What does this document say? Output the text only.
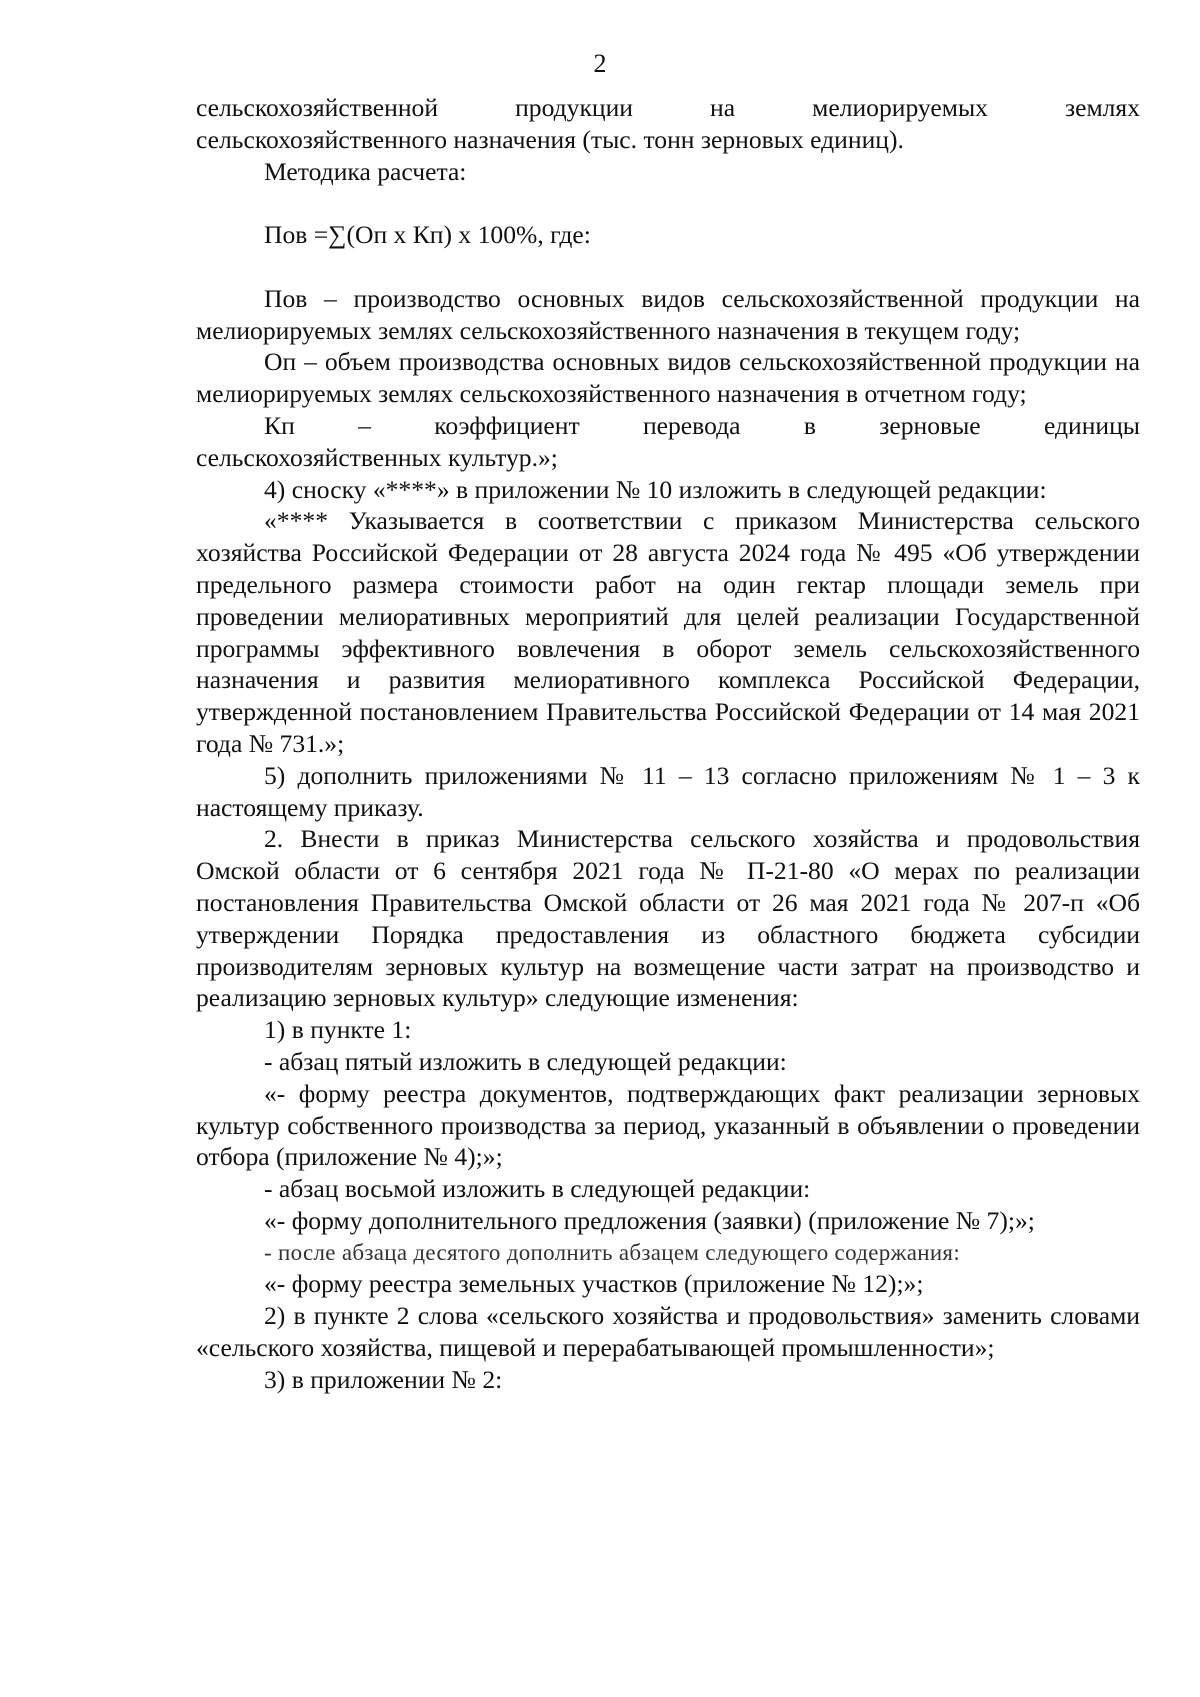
2

сельскохозяйственной продукции на мелиорируемых землях
сельскохозяйственного назначения (тыс. тонн зерновых единиц).

Методика расчета:

Пов =∑(Оп х Кп) х 100%, где:

Пов – производство основных видов сельскохозяйственной продукции на мелиорируемых землях сельскохозяйственного назначения в текущем году;

Оп – объем производства основных видов сельскохозяйственной продукции на мелиорируемых землях сельскохозяйственного назначения в отчетном году;

Кп – коэффициент перевода в зерновые единицы
сельскохозяйственных культур.»;

4) сноску «****» в приложении № 10 изложить в следующей редакции:

«**** Указывается в соответствии с приказом Министерства сельского хозяйства Российской Федерации от 28 августа 2024 года № 495 «Об утверждении предельного размера стоимости работ на один гектар площади земель при проведении мелиоративных мероприятий для целей реализации Государственной программы эффективного вовлечения в оборот земель сельскохозяйственного назначения и развития мелиоративного комплекса Российской Федерации, утвержденной постановлением Правительства Российской Федерации от 14 мая 2021 года № 731.»;

5) дополнить приложениями № 11 – 13 согласно приложениям № 1 – 3 к настоящему приказу.

2. Внести в приказ Министерства сельского хозяйства и продовольствия Омской области от 6 сентября 2021 года № П-21-80 «О мерах по реализации постановления Правительства Омской области от 26 мая 2021 года № 207-п «Об утверждении Порядка предоставления из областного бюджета субсидии производителям зерновых культур на возмещение части затрат на производство и реализацию зерновых культур» следующие изменения:

1) в пункте 1:

- абзац пятый изложить в следующей редакции:

«- форму реестра документов, подтверждающих факт реализации зерновых культур собственного производства за период, указанный в объявлении о проведении отбора (приложение № 4);»;

- абзац восьмой изложить в следующей редакции:

«- форму дополнительного предложения (заявки) (приложение № 7);»;

- после абзаца десятого дополнить абзацем следующего содержания:

«- форму реестра земельных участков (приложение № 12);»;

2) в пункте 2 слова «сельского хозяйства и продовольствия» заменить словами «сельского хозяйства, пищевой и перерабатывающей промышленности»;

3) в приложении № 2:
